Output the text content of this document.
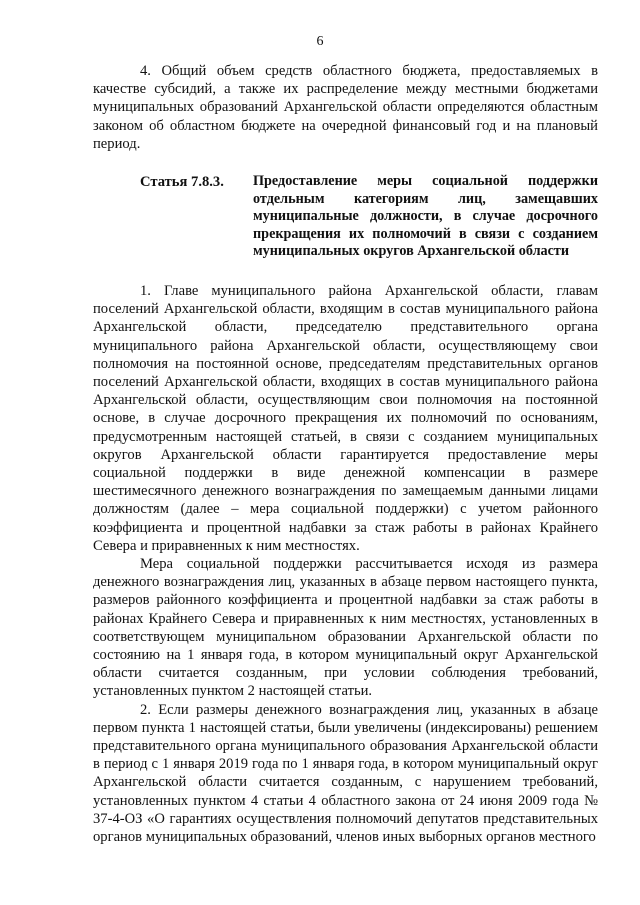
6

4. Общий объем средств областного бюджета, предоставляемых в качестве субсидий, а также их распределение между местными бюджетами муниципальных образований Архангельской области определяются областным законом об областном бюджете на очередной финансовый год и на плановый период.

Статья 7.8.3.	Предоставление меры социальной поддержки отдельным категориям лиц, замещавших муниципальные должности, в случае досрочного прекращения их полномочий в связи с созданием муниципальных округов Архангельской области

1. Главе муниципального района Архангельской области, главам поселений Архангельской области, входящим в состав муниципального района Архангельской области, председателю представительного органа муниципального района Архангельской области, осуществляющему свои полномочия на постоянной основе, председателям представительных органов поселений Архангельской области, входящих в состав муниципального района Архангельской области, осуществляющим свои полномочия на постоянной основе, в случае досрочного прекращения их полномочий по основаниям, предусмотренным настоящей статьей, в связи с созданием муниципальных округов Архангельской области гарантируется предоставление меры социальной поддержки в виде денежной компенсации в размере шестимесячного денежного вознаграждения по замещаемым данными лицами должностям (далее – мера социальной поддержки) с учетом районного коэффициента и процентной надбавки за стаж работы в районах Крайнего Севера и приравненных к ним местностях.

Мера социальной поддержки рассчитывается исходя из размера денежного вознаграждения лиц, указанных в абзаце первом настоящего пункта, размеров районного коэффициента и процентной надбавки за стаж работы в районах Крайнего Севера и приравненных к ним местностях, установленных в соответствующем муниципальном образовании Архангельской области по состоянию на 1 января года, в котором муниципальный округ Архангельской области считается созданным, при условии соблюдения требований, установленных пунктом 2 настоящей статьи.

2. Если размеры денежного вознаграждения лиц, указанных в абзаце первом пункта 1 настоящей статьи, были увеличены (индексированы) решением представительного органа муниципального образования Архангельской области в период с 1 января 2019 года по 1 января года, в котором муниципальный округ Архангельской области считается созданным, с нарушением требований, установленных пунктом 4 статьи 4 областного закона от 24 июня 2009 года № 37-4-ОЗ «О гарантиях осуществления полномочий депутатов представительных органов муниципальных образований, членов иных выборных органов местного
